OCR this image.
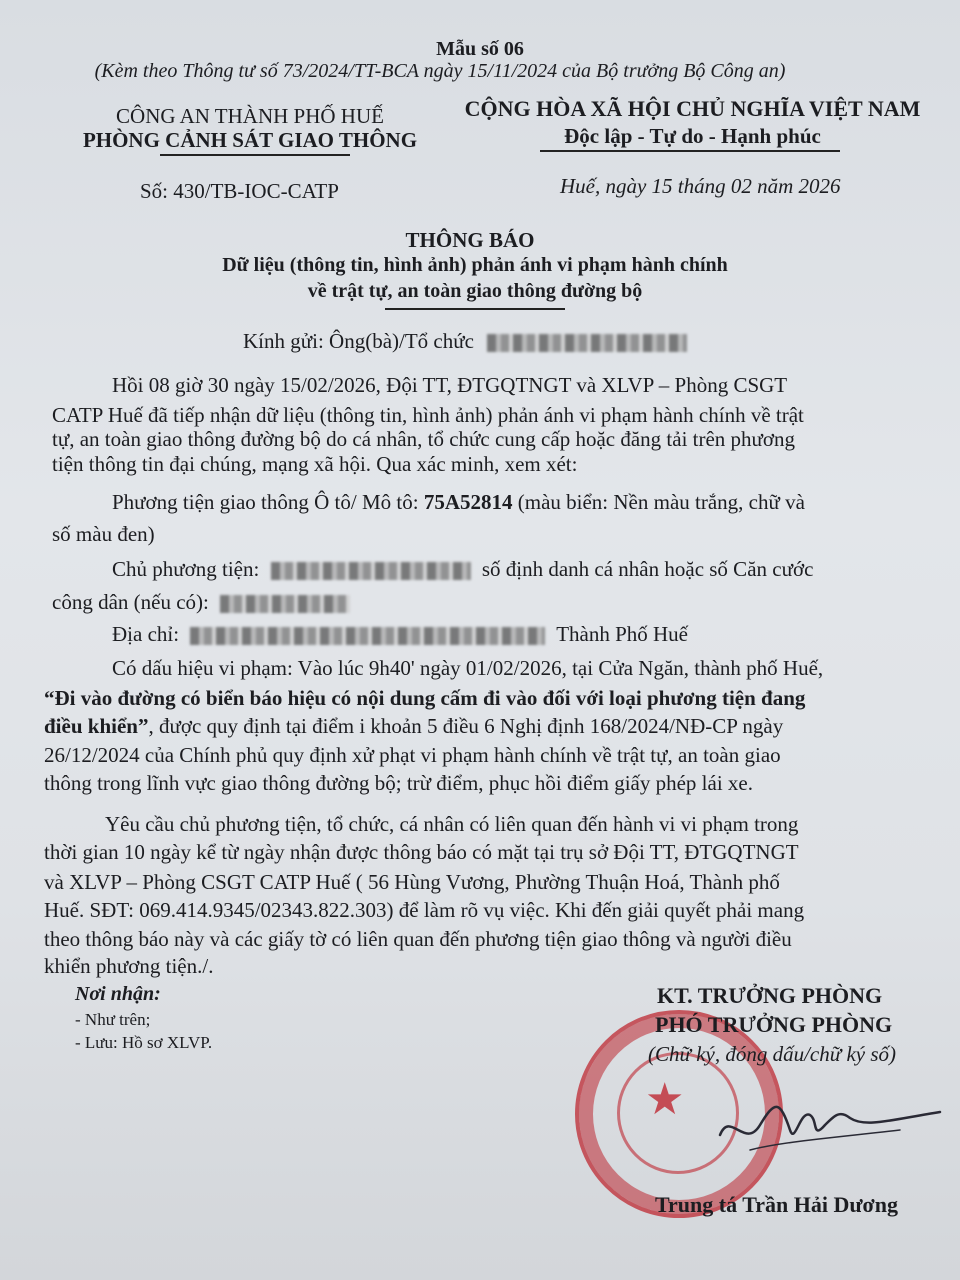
Mẫu số 06
(Kèm theo Thông tư số 73/2024/TT-BCA ngày 15/11/2024 của Bộ trưởng Bộ Công an)
CÔNG AN THÀNH PHỐ HUẾ
PHÒNG CẢNH SÁT GIAO THÔNG
CỘNG HÒA XÃ HỘI CHỦ NGHĨA VIỆT NAM
Độc lập - Tự do - Hạnh phúc
Số: 430/TB-IOC-CATP	Huế, ngày 15 tháng 02 năm 2026
THÔNG BÁO
Dữ liệu (thông tin, hình ảnh) phản ánh vi phạm hành chính
về trật tự, an toàn giao thông đường bộ
Kính gửi: Ông(bà)/Tổ chức
Hồi 08 giờ 30 ngày 15/02/2026, Đội TT, ĐTGQTNGT và XLVP – Phòng CSGT
CATP Huế đã tiếp nhận dữ liệu (thông tin, hình ảnh) phản ánh vi phạm hành chính về trật
tự, an toàn giao thông đường bộ do cá nhân, tổ chức cung cấp hoặc đăng tải trên phương
tiện thông tin đại chúng, mạng xã hội. Qua xác minh, xem xét:
Phương tiện giao thông Ô tô/ Mô tô: 75A52814 (màu biển: Nền màu trắng, chữ và
số màu đen)
Chủ phương tiện:	số định danh cá nhân hoặc số Căn cước
công dân (nếu có):
Địa chỉ:	Thành Phố Huế
Có dấu hiệu vi phạm: Vào lúc 9h40' ngày 01/02/2026, tại Cửa Ngăn, thành phố Huế,
“Đi vào đường có biển báo hiệu có nội dung cấm đi vào đối với loại phương tiện đang
điều khiển”, được quy định tại điểm i khoản 5 điều 6 Nghị định 168/2024/NĐ-CP ngày
26/12/2024 của Chính phủ quy định xử phạt vi phạm hành chính về trật tự, an toàn giao
thông trong lĩnh vực giao thông đường bộ; trừ điểm, phục hồi điểm giấy phép lái xe.
Yêu cầu chủ phương tiện, tổ chức, cá nhân có liên quan đến hành vi vi phạm trong
thời gian 10 ngày kể từ ngày nhận được thông báo có mặt tại trụ sở Đội TT, ĐTGQTNGT
và XLVP – Phòng CSGT CATP Huế ( 56 Hùng Vương, Phường Thuận Hoá, Thành phố
Huế. SĐT: 069.414.9345/02343.822.303) để làm rõ vụ việc. Khi đến giải quyết phải mang
theo thông báo này và các giấy tờ có liên quan đến phương tiện giao thông và người điều
khiển phương tiện./.
Nơi nhận:
- Như trên;
- Lưu: Hồ sơ XLVP.
★
KT. TRƯỞNG PHÒNG
PHÓ TRƯỞNG PHÒNG
(Chữ ký, đóng dấu/chữ ký số)
Trung tá Trần Hải Dương
